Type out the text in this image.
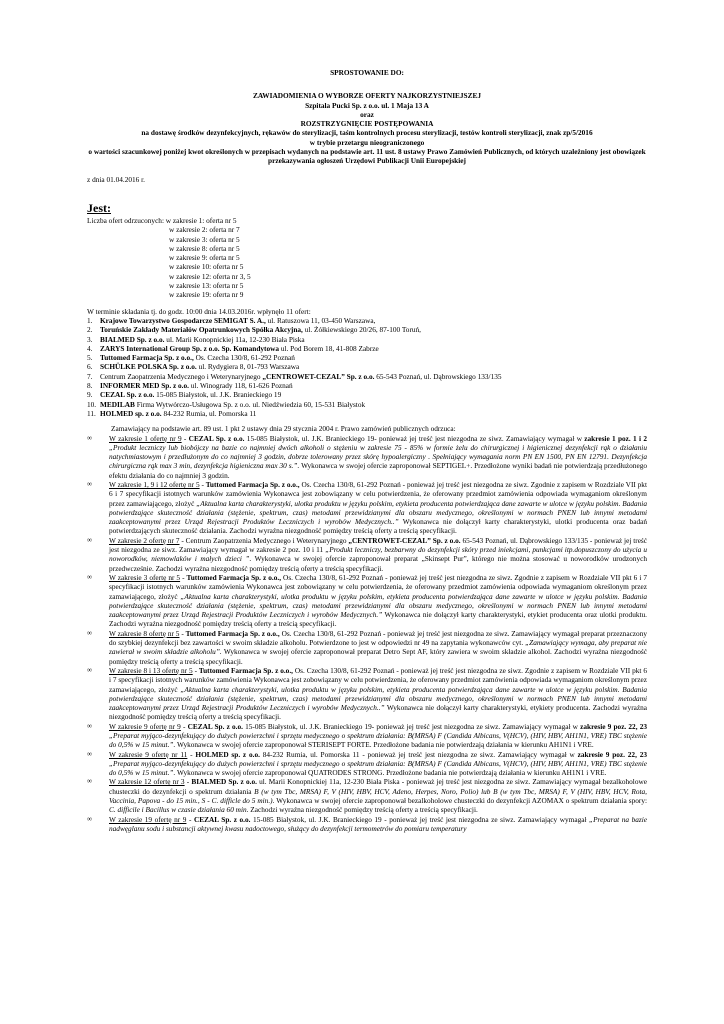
SPROSTOWANIE DO:
ZAWIADOMIENIA O WYBORZE OFERTY NAJKORZYSTNIEJSZEJ
Szpitala Pucki Sp. z o.o. ul. 1 Maja 13 A
oraz
ROZSTRZYGNIĘCIE POSTĘPOWANIA
na dostawę środków dezynfekcyjnych, rękawów do sterylizacji, taśm kontrolnych procesu sterylizacji, testów kontroli sterylizacji, znak zp/5/2016
w trybie przetargu nieograniczonego
o wartości szacunkowej poniżej kwot określonych w przepisach wydanych na podstawie art. 11 ust. 8 ustawy Prawo Zamówień Publicznych, od których uzależniony jest obowiązek przekazywania ogłoszeń Urzędowi Publikacji Unii Europejskiej
z dnia 01.04.2016 r.
Jest:
Liczba ofert odrzuconych: w zakresie 1: oferta nr 5
w zakresie 2: oferta nr 7
w zakresie 3: oferta nr 5
w zakresie 8: oferta nr 5
w zakresie 9: oferta nr 5
w zakresie 10: oferta nr 5
w zakresie 12: oferta nr 3, 5
w zakresie 13: oferta nr 5
w zakresie 19: oferta nr 9
W terminie składania tj. do godz. 10:00 dnia 14.03.2016r. wpłynęło 11 ofert:
1.	Krajowe Towarzystwo Gospodarcze SEMIGAT S. A., ul. Ratuszowa 11, 03-450 Warszawa,
2.	Toruńskie Zakłady Materiałów Opatrunkowych Spółka Akcyjna, ul. Żółkiewskiego 20/26, 87-100 Toruń,
3.	BIALMED Sp. z o.o. ul. Marii Konopnickiej 11a, 12-230 Biała Piska
4.	ZARYS International Group Sp. z o.o. Sp. Komandytowa ul. Pod Borem 18, 41-808 Zabrze
5.	Tuttomed Farmacja Sp. z o.o., Os. Czecha 130/8, 61-292 Poznań
6.	SCHÜLKE POLSKA Sp. z o.o. ul. Rydygiera 8, 01-793 Warszawa
7.	Centrum Zaopatrzenia Medycznego i Weterynaryjnego „CENTROWET-CEZAL” Sp. z o.o. 65-543 Poznań, ul. Dąbrowskiego 133/135
8.	INFORMER MED Sp. z o.o. ul. Winogrady 118, 61-626 Poznań
9.	CEZAL Sp. z o.o. 15-085 Białystok, ul. J.K. Branieckiego 19
10. MEDILAB Firma Wytwórczo-Usługowa Sp. z o.o. ul. Niedźwiedzia 60, 15-531 Białystok
11. HOLMED sp. z o.o. 84-232 Rumia, ul. Pomorska 11
Zamawiający na podstawie art. 89 ust. 1 pkt 2 ustawy dnia 29 stycznia 2004 r. Prawo zamówień publicznych odrzuca:
∞	W zakresie 1 ofertę nr 9 - CEZAL Sp. z o.o. 15-085 Białystok, ul. J.K. Branieckiego 19- ponieważ jej treść jest niezgodna ze siwz. Zamawiający wymagał w zakresie 1 poz. 1 i 2 „Produkt leczniczy lub biobójczy na bazie co najmniej dwóch alkoholi o stężeniu w zakresie 75 - 85% w formie żelu do chirurgicznej i higienicznej dezynfekcji rąk o działaniu natychmiastowym i przedłużonym do co najmniej 3 godzin, dobrze tolerowany przez skórę hypoalergiczny . Spełniający wymagania norm PN EN 1500, PN EN 12791. Dezynfekcja chirurgiczna rąk max 3 min, dezynfekcja higieniczna max 30 s.”. Wykonawca w swojej ofercie zaproponował SEPTIGEL+. Przedłożone wyniki badań nie potwierdzają przedłużonego efektu działania do co najmniej 3 godzin.
∞	W zakresie 1, 9 i 12 ofertę nr 5 - Tuttomed Farmacja Sp. z o.o., Os. Czecha 130/8, 61-292 Poznań - ponieważ jej treść jest niezgodna ze siwz. Zgodnie z zapisem w Rozdziale VII pkt 6 i 7 specyfikacji istotnych warunków zamówienia Wykonawca jest zobowiązany w celu potwierdzenia, że oferowany przedmiot zamówienia odpowiada wymaganiom określonym przez zamawiającego, złożyć „Aktualna karta charakterystyki, ulotka produktu w języku polskim, etykieta producenta potwierdzająca dane zawarte w ulotce w języku polskim. Badania potwierdzające skuteczność działania (stężenie, spektrum, czas) metodami przewidzianymi dla obszaru medycznego, określonymi w normach PNEN lub innymi metodami zaakceptowanymi przez Urząd Rejestracji Produktów Leczniczych i wyrobów Medycznych..” Wykonawca nie dołączył karty charakterystyki, ulotki producenta oraz badań potwierdzających skuteczność działania. Zachodzi wyraźna niezgodność pomiędzy treścią oferty a treścią specyfikacji.
∞	W zakresie 2 ofertę nr 7 - Centrum Zaopatrzenia Medycznego i Weterynaryjnego „CENTROWET-CEZAL” Sp. z o.o. 65-543 Poznań, ul. Dąbrowskiego 133/135 - ponieważ jej treść jest niezgodna ze siwz. Zamawiający wymagał w zakresie 2 poz. 10 i 11 „Produkt leczniczy, bezbarwny do dezynfekcji skóry przed iniekcjami, punkcjami itp.dopuszczony do użycia u noworodków, niemowlaków i małych dzieci ”. Wykonawca w swojej ofercie zaproponował preparat „Skinsept Pur”, którego nie można stosować u noworodków urodzonych przedwcześnie. Zachodzi wyraźna niezgodność pomiędzy treścią oferty a treścią specyfikacji.
∞	W zakresie 3 ofertę nr 5 - Tuttomed Farmacja Sp. z o.o., Os. Czecha 130/8, 61-292 Poznań - ponieważ jej treść jest niezgodna ze siwz. Zgodnie z zapisem w Rozdziale VII pkt 6 i 7 specyfikacji istotnych warunków zamówienia Wykonawca jest zobowiązany w celu potwierdzenia, że oferowany przedmiot zamówienia odpowiada wymaganiom określonym przez zamawiającego, złożyć „Aktualna karta charakterystyki, ulotka produktu w języku polskim, etykieta producenta potwierdzająca dane zawarte w ulotce w języku polskim. Badania potwierdzające skuteczność działania (stężenie, spektrum, czas) metodami przewidzianymi dla obszaru medycznego, określonymi w normach PNEN lub innymi metodami zaakceptowanymi przez Urząd Rejestracji Produktów Leczniczych i wyrobów Medycznych.” Wykonawca nie dołączył karty charakterystyki, etykiet producenta oraz ulotki produktu. Zachodzi wyraźna niezgodność pomiędzy treścią oferty a treścią specyfikacji.
∞	W zakresie 8 ofertę nr 5 - Tuttomed Farmacja Sp. z o.o., Os. Czecha 130/8, 61-292 Poznań - ponieważ jej treść jest niezgodna ze siwz. Zamawiający wymagał preparat przeznaczony do szybkiej dezynfekcji bez zawartości w swoim składzie alkoholu. Potwierdzone to jest w odpowiedzi nr 49 na zapytania wykonawców cyt. „Zamawiający wymaga, aby preparat nie zawierał w swoim składzie alkoholu”. Wykonawca w swojej ofercie zaproponował preparat Detro Sept AF, który zawiera w swoim składzie alkohol. Zachodzi wyraźna niezgodność pomiędzy treścią oferty a treścią specyfikacji.
∞	W zakresie 8 i 13 ofertę nr 5 - Tuttomed Farmacja Sp. z o.o., Os. Czecha 130/8, 61-292 Poznań - ponieważ jej treść jest niezgodna ze siwz. Zgodnie z zapisem w Rozdziale VII pkt 6 i 7 specyfikacji istotnych warunków zamówienia Wykonawca jest zobowiązany w celu potwierdzenia, że oferowany przedmiot zamówienia odpowiada wymaganiom określonym przez zamawiającego, złożyć „Aktualna karta charakterystyki, ulotka produktu w języku polskim, etykieta producenta potwierdzająca dane zawarte w ulotce w języku polskim. Badania potwierdzające skuteczność działania (stężenie, spektrum, czas) metodami przewidzianymi dla obszaru medycznego, określonymi w normach PNEN lub innymi metodami zaakceptowanymi przez Urząd Rejestracji Produktów Leczniczych i wyrobów Medycznych..” Wykonawca nie dołączył karty charakterystyki, etykiety producenta. Zachodzi wyraźna niezgodność pomiędzy treścią oferty a treścią specyfikacji.
∞	W zakresie 9 ofertę nr 9 - CEZAL Sp. z o.o. 15-085 Białystok, ul. J.K. Branieckiego 19- ponieważ jej treść jest niezgodna ze siwz. Zamawiający wymagał w zakresie 9 poz. 22, 23 „Preparat myjąco-dezynfekujący do dużych powierzchni i sprzętu medycznego o spektrum działania: B(MRSA) F (Candida Albicans, V(HCV), (HIV, HBV, AH1N1, VRE) TBC stężenie do 0,5% w 15 minut.”. Wykonawca w swojej ofercie zaproponował STERISEPT FORTE. Przedłożone badania nie potwierdzają działania w kierunku AH1N1 i VRE.
∞	W zakresie 9 ofertę nr 11 - HOLMED sp. z o.o. 84-232 Rumia, ul. Pomorska 11 - ponieważ jej treść jest niezgodna ze siwz. Zamawiający wymagał w zakresie 9 poz. 22, 23 „Preparat myjąco-dezynfekujący do dużych powierzchni i sprzętu medycznego o spektrum działania: B(MRSA) F (Candida Albicans, V(HCV), (HIV, HBV, AH1N1, VRE) TBC stężenie do 0,5% w 15 minut.”. Wykonawca w swojej ofercie zaproponował QUATRODES STRONG. Przedłożone badania nie potwierdzają działania w kierunku AH1N1 i VRE.
∞	W zakresie 12 ofertę nr 3 - BIALMED Sp. z o.o. ul. Marii Konopnickiej 11a, 12-230 Biała Piska - ponieważ jej treść jest niezgodna ze siwz. Zamawiający wymagał bezalkoholowe chusteczki do dezynfekcji o spektrum działania B (w tym Tbc, MRSA) F, V (HIV, HBV, HCV, Adeno, Herpes, Noro, Polio) lub B (w tym Tbc, MRSA) F, V (HIV, HBV, HCV, Rota, Vaccinia, Papova - do 15 min., S - C. difficle do 5 min.). Wykonawca w swojej ofercie zaproponował bezalkoholowe chusteczki do dezynfekcji AZOMAX o spektrum działania spory: C. difficile i Bacillus w czasie działania 60 min. Zachodzi wyraźna niezgodność pomiędzy treścią oferty a treścią specyfikacji.
∞	W zakresie 19 ofertę nr 9 - CEZAL Sp. z o.o. 15-085 Białystok, ul. J.K. Branieckiego 19 - ponieważ jej treść jest niezgodna ze siwz. Zamawiający wymagał „Preparat na bazie nadwęglanu sodu i substancji aktywnej kwasu nadoctowego, służący do dezynfekcji termometrów do pomiaru temperatury
